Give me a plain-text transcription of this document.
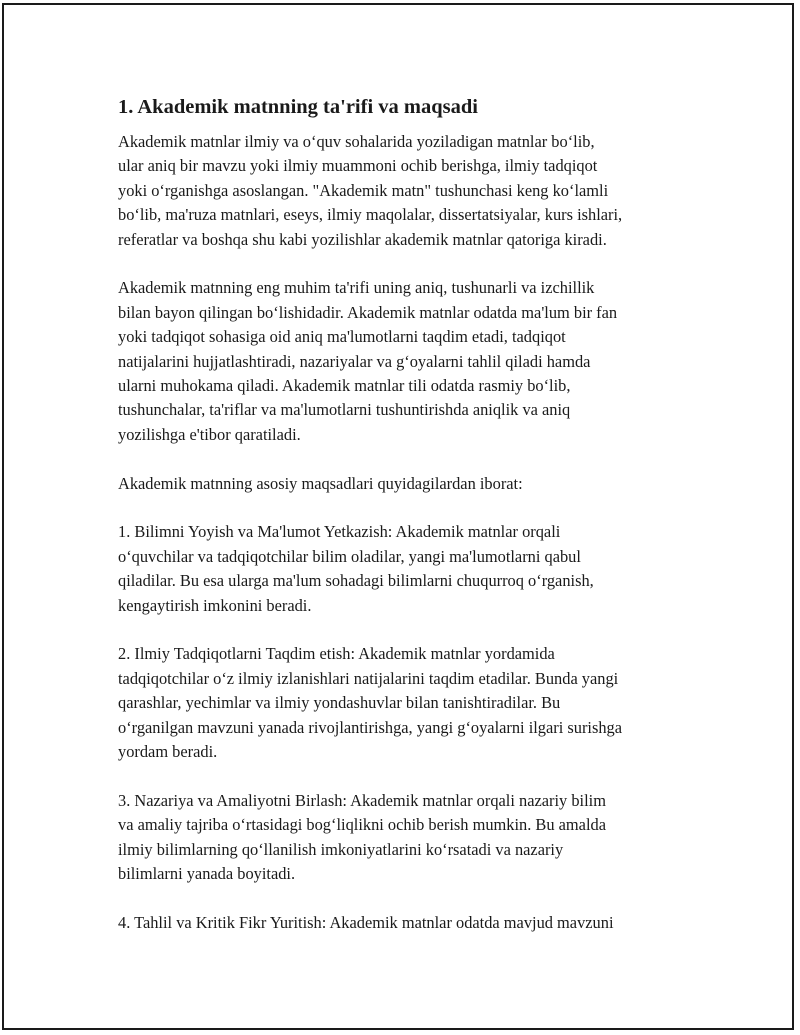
1. Akademik matnning ta'rifi va maqsadi

Akademik matnlar ilmiy va o‘quv sohalarida yoziladigan matnlar bo‘lib,
ular aniq bir mavzu yoki ilmiy muammoni ochib berishga, ilmiy tadqiqot
yoki o‘rganishga asoslangan. "Akademik matn" tushunchasi keng ko‘lamli
bo‘lib, ma'ruza matnlari, eseys, ilmiy maqolalar, dissertatsiyalar, kurs ishlari,
referatlar va boshqa shu kabi yozilishlar akademik matnlar qatoriga kiradi.

Akademik matnning eng muhim ta'rifi uning aniq, tushunarli va izchillik
bilan bayon qilingan bo‘lishidadir. Akademik matnlar odatda ma'lum bir fan
yoki tadqiqot sohasiga oid aniq ma'lumotlarni taqdim etadi, tadqiqot
natijalarini hujjatlashtiradi, nazariyalar va g‘oyalarni tahlil qiladi hamda
ularni muhokama qiladi. Akademik matnlar tili odatda rasmiy bo‘lib,
tushunchalar, ta'riflar va ma'lumotlarni tushuntirishda aniqlik va aniq
yozilishga e'tibor qaratiladi.

Akademik matnning asosiy maqsadlari quyidagilardan iborat:

1. Bilimni Yoyish va Ma'lumot Yetkazish: Akademik matnlar orqali
o‘quvchilar va tadqiqotchilar bilim oladilar, yangi ma'lumotlarni qabul
qiladilar. Bu esa ularga ma'lum sohadagi bilimlarni chuqurroq o‘rganish,
kengaytirish imkonini beradi.

2. Ilmiy Tadqiqotlarni Taqdim etish: Akademik matnlar yordamida
tadqiqotchilar o‘z ilmiy izlanishlari natijalarini taqdim etadilar. Bunda yangi
qarashlar, yechimlar va ilmiy yondashuvlar bilan tanishtiradilar. Bu
o‘rganilgan mavzuni yanada rivojlantirishga, yangi g‘oyalarni ilgari surishga
yordam beradi.

3. Nazariya va Amaliyotni Birlash: Akademik matnlar orqali nazariy bilim
va amaliy tajriba o‘rtasidagi bog‘liqlikni ochib berish mumkin. Bu amalda
ilmiy bilimlarning qo‘llanilish imkoniyatlarini ko‘rsatadi va nazariy
bilimlarni yanada boyitadi.

4. Tahlil va Kritik Fikr Yuritish: Akademik matnlar odatda mavjud mavzuni
